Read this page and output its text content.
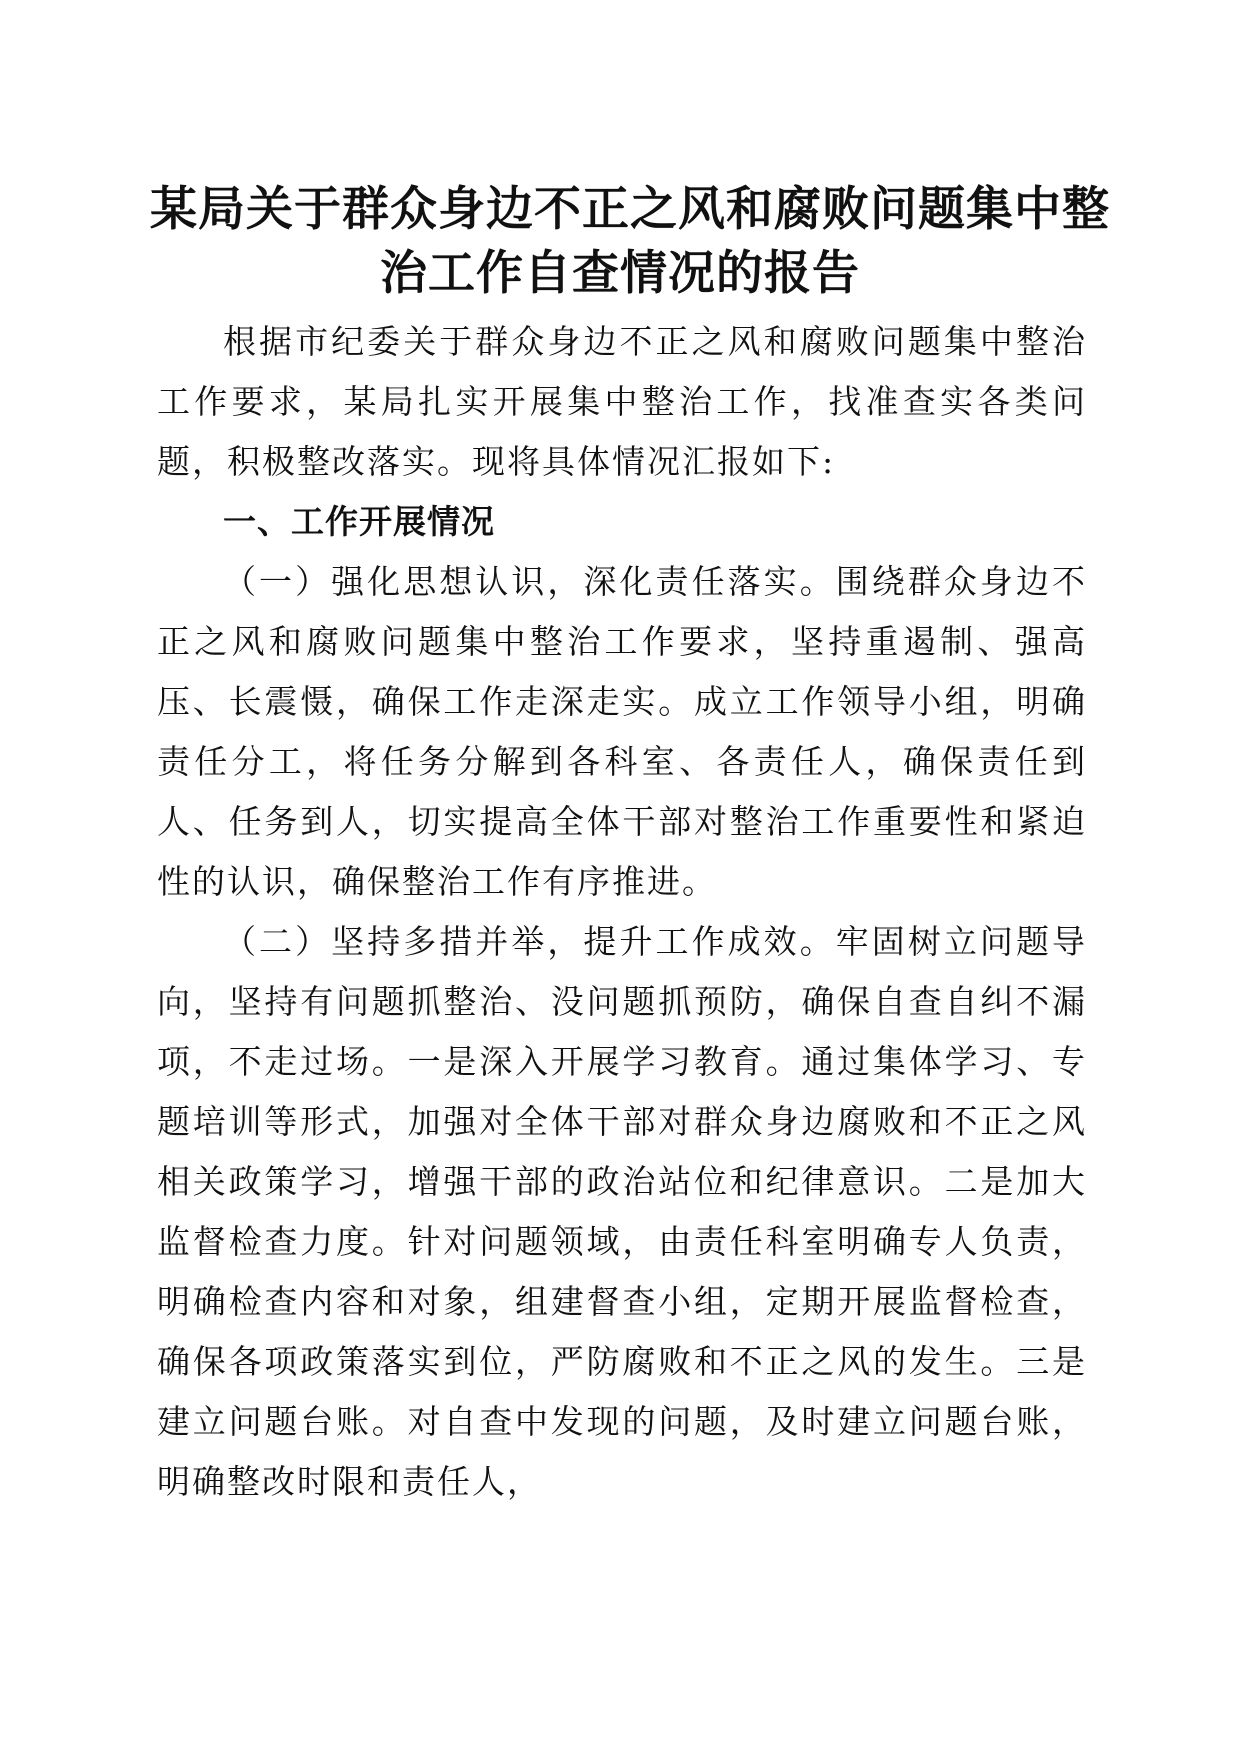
某局关于群众身边不正之风和腐败问题集中整
治工作自查情况的报告

根据市纪委关于群众身边不正之风和腐败问题集中整治工作要求，某局扎实开展集中整治工作，找准查实各类问题，积极整改落实。现将具体情况汇报如下:

一、工作开展情况

（一）强化思想认识，深化责任落实。围绕群众身边不正之风和腐败问题集中整治工作要求，坚持重遏制、强高压、长震慑，确保工作走深走实。成立工作领导小组，明确责任分工，将任务分解到各科室、各责任人，确保责任到人、任务到人，切实提高全体干部对整治工作重要性和紧迫性的认识，确保整治工作有序推进。

（二）坚持多措并举，提升工作成效。牢固树立问题导向，坚持有问题抓整治、没问题抓预防，确保自查自纠不漏项，不走过场。一是深入开展学习教育。通过集体学习、专题培训等形式，加强对全体干部对群众身边腐败和不正之风相关政策学习，增强干部的政治站位和纪律意识。二是加大监督检查力度。针对问题领域，由责任科室明确专人负责，明确检查内容和对象，组建督查小组，定期开展监督检查，确保各项政策落实到位，严防腐败和不正之风的发生。三是建立问题台账。对自查中发现的问题，及时建立问题台账，明确整改时限和责任人，
